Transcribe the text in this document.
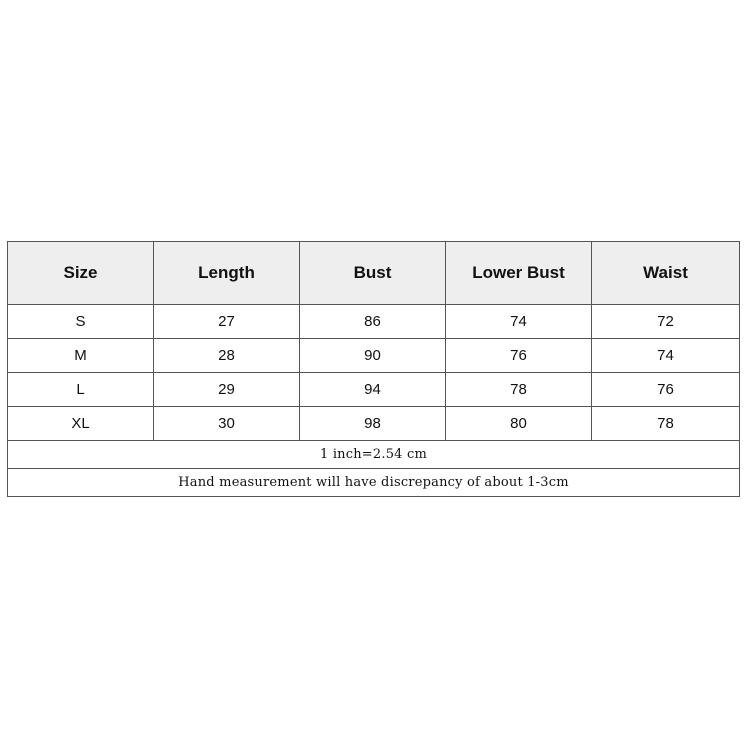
Size	Length	Bust	Lower Bust	Waist
S	27	86	74	72
M	28	90	76	74
L	29	94	78	76
XL	30	98	80	78
1 inch=2.54 cm				
Hand measurement will have discrepancy of about 1-3cm				
